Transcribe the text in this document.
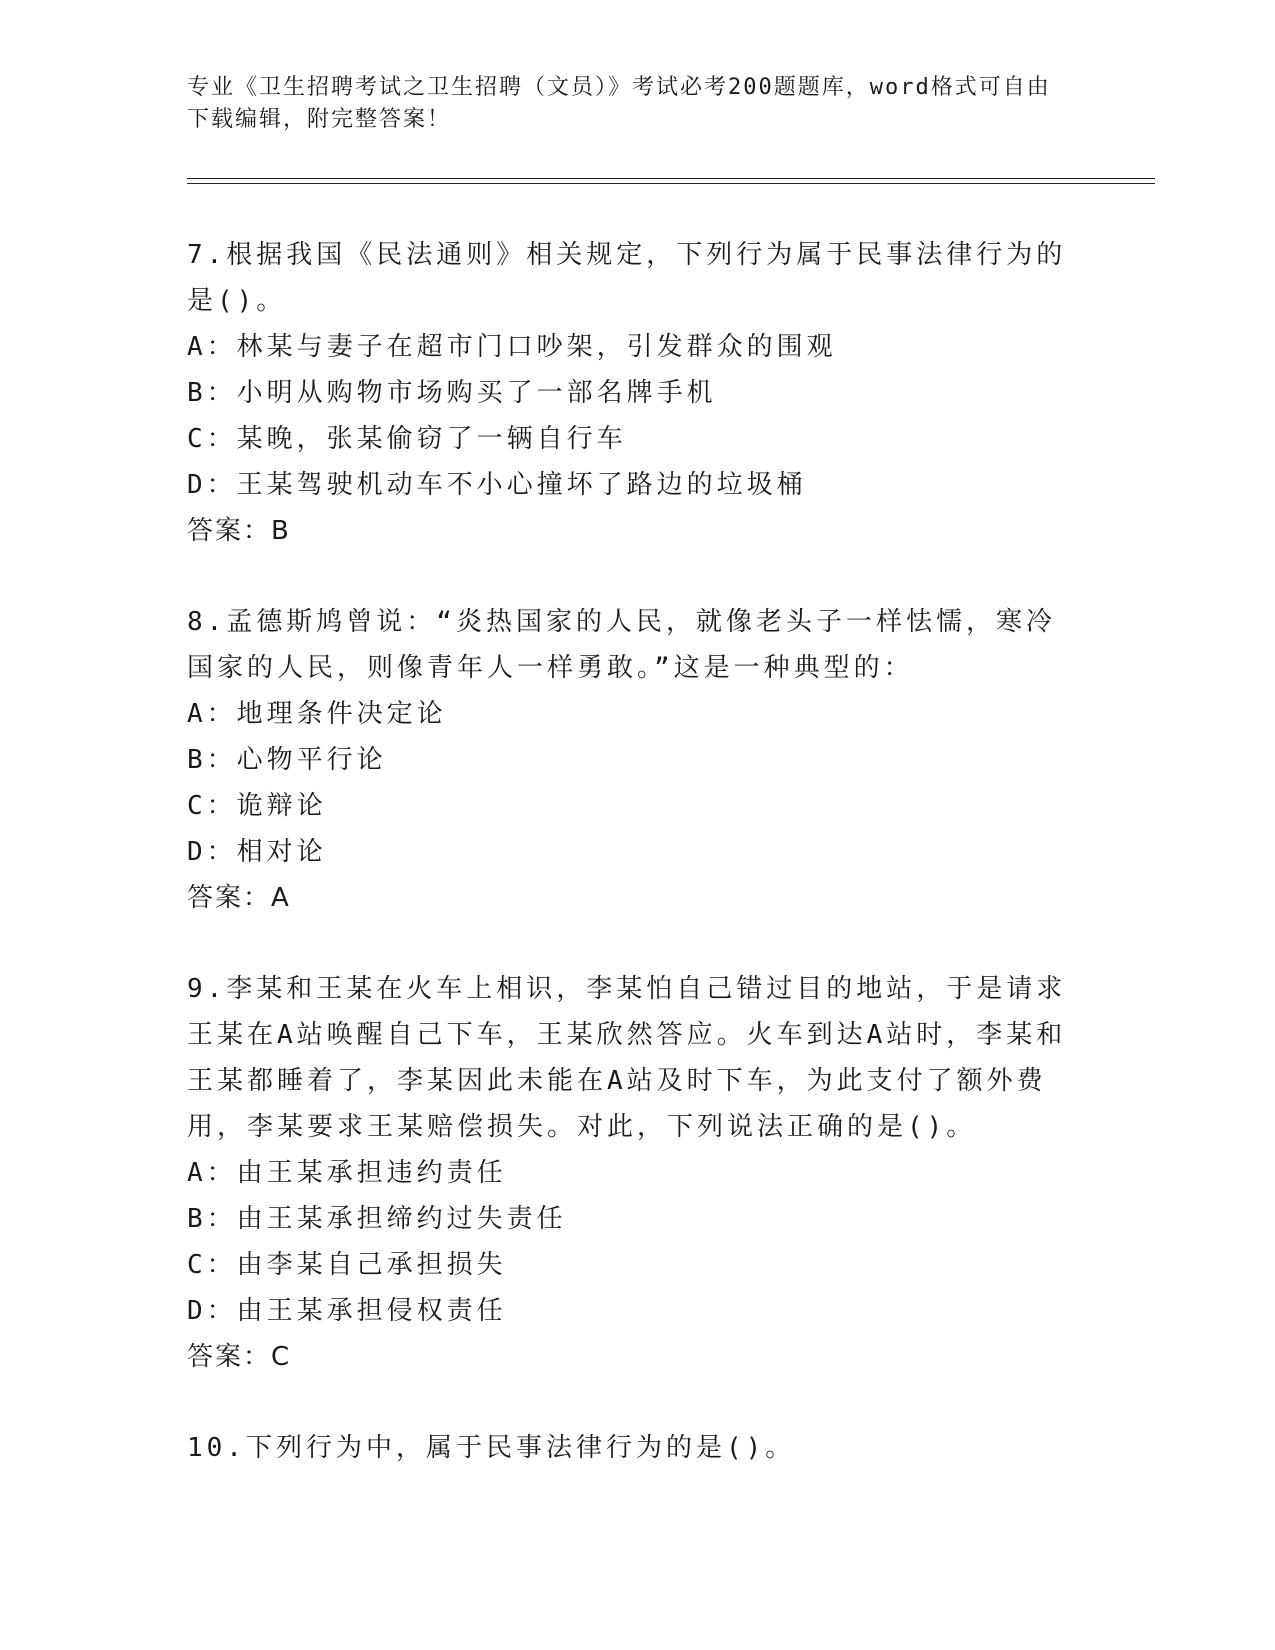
专业《卫生招聘考试之卫生招聘（文员）》考试必考200题题库，word格式可自由下载编辑，附完整答案！
7.根据我国《民法通则》相关规定，下列行为属于民事法律行为的是()。
A：林某与妻子在超市门口吵架，引发群众的围观
B：小明从购物市场购买了一部名牌手机
C：某晚，张某偷窃了一辆自行车
D：王某驾驶机动车不小心撞坏了路边的垃圾桶
答案：B
8.孟德斯鸠曾说：“炎热国家的人民，就像老头子一样怯懦，寒冷国家的人民，则像青年人一样勇敢。”这是一种典型的：
A：地理条件决定论
B：心物平行论
C：诡辩论
D：相对论
答案：A
9.李某和王某在火车上相识，李某怕自己错过目的地站，于是请求王某在A站唤醒自己下车，王某欣然答应。火车到达A站时，李某和王某都睡着了，李某因此未能在A站及时下车，为此支付了额外费用，李某要求王某赔偿损失。对此，下列说法正确的是()。
A：由王某承担违约责任
B：由王某承担缔约过失责任
C：由李某自己承担损失
D：由王某承担侵权责任
答案：C
10.下列行为中，属于民事法律行为的是()。
